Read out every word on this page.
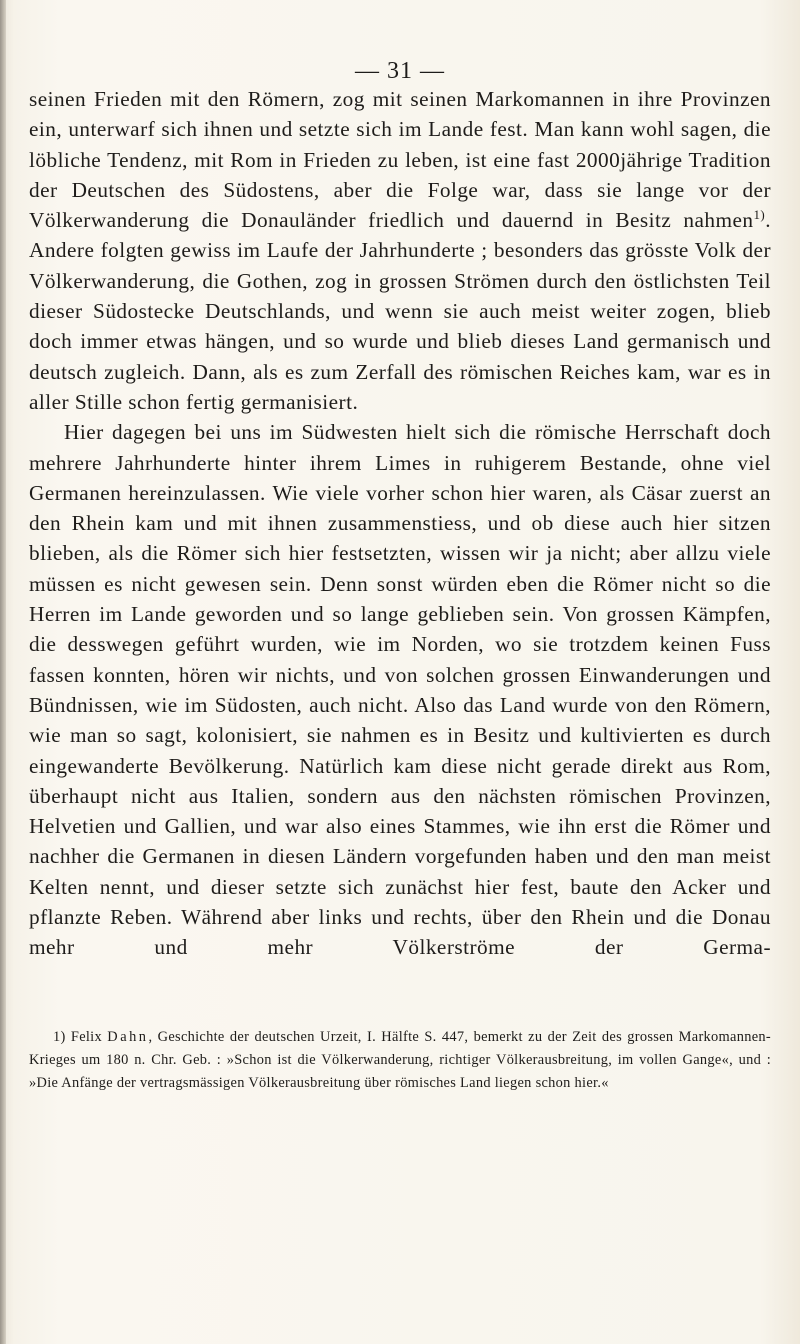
— 31 —

seinen Frieden mit den Römern, zog mit seinen Markomannen in ihre Provinzen ein, unterwarf sich ihnen und setzte sich im Lande fest. Man kann wohl sagen, die löbliche Tendenz, mit Rom in Frieden zu leben, ist eine fast 2000jährige Tradition der Deutschen des Südostens, aber die Folge war, dass sie lange vor der Völkerwanderung die Donauländer friedlich und dauernd in Besitz nahmen$^{1)}$. Andere folgten gewiss im Laufe der Jahrhunderte ; besonders das grösste Volk der Völkerwanderung, die Gothen, zog in grossen Strömen durch den östlichsten Teil dieser Südostecke Deutschlands, und wenn sie auch meist weiter zogen, blieb doch immer etwas hängen, und so wurde und blieb dieses Land germanisch und deutsch zugleich. Dann, als es zum Zerfall des römischen Reiches kam, war es in aller Stille schon fertig germanisiert.

Hier dagegen bei uns im Südwesten hielt sich die römische Herrschaft doch mehrere Jahrhunderte hinter ihrem Limes in ruhigerem Bestande, ohne viel Germanen hereinzulassen. Wie viele vorher schon hier waren, als Cäsar zuerst an den Rhein kam und mit ihnen zusammenstiess, und ob diese auch hier sitzen blieben, als die Römer sich hier festsetzten, wissen wir ja nicht; aber allzu viele müssen es nicht gewesen sein. Denn sonst würden eben die Römer nicht so die Herren im Lande geworden und so lange geblieben sein. Von grossen Kämpfen, die desswegen geführt wurden, wie im Norden, wo sie trotzdem keinen Fuss fassen konnten, hören wir nichts, und von solchen grossen Einwanderungen und Bündnissen, wie im Südosten, auch nicht. Also das Land wurde von den Römern, wie man so sagt, kolonisiert, sie nahmen es in Besitz und kultivierten es durch eingewanderte Bevölkerung. Natürlich kam diese nicht gerade direkt aus Rom, überhaupt nicht aus Italien, sondern aus den nächsten römischen Provinzen, Helvetien und Gallien, und war also eines Stammes, wie ihn erst die Römer und nachher die Germanen in diesen Ländern vorgefunden haben und den man meist Kelten nennt, und dieser setzte sich zunächst hier fest, baute den Acker und pflanzte Reben. Während aber links und rechts, über den Rhein und die Donau mehr und mehr Völkerströme der Germa-

1) Felix Dahn, Geschichte der deutschen Urzeit, I. Hälfte S. 447, bemerkt zu der Zeit des grossen Markomannen-Krieges um 180 n. Chr. Geb. : »Schon ist die Völkerwanderung, richtiger Völkerausbreitung, im vollen Gange«, und : »Die Anfänge der vertragsmässigen Völkerausbreitung über römisches Land liegen schon hier.«
